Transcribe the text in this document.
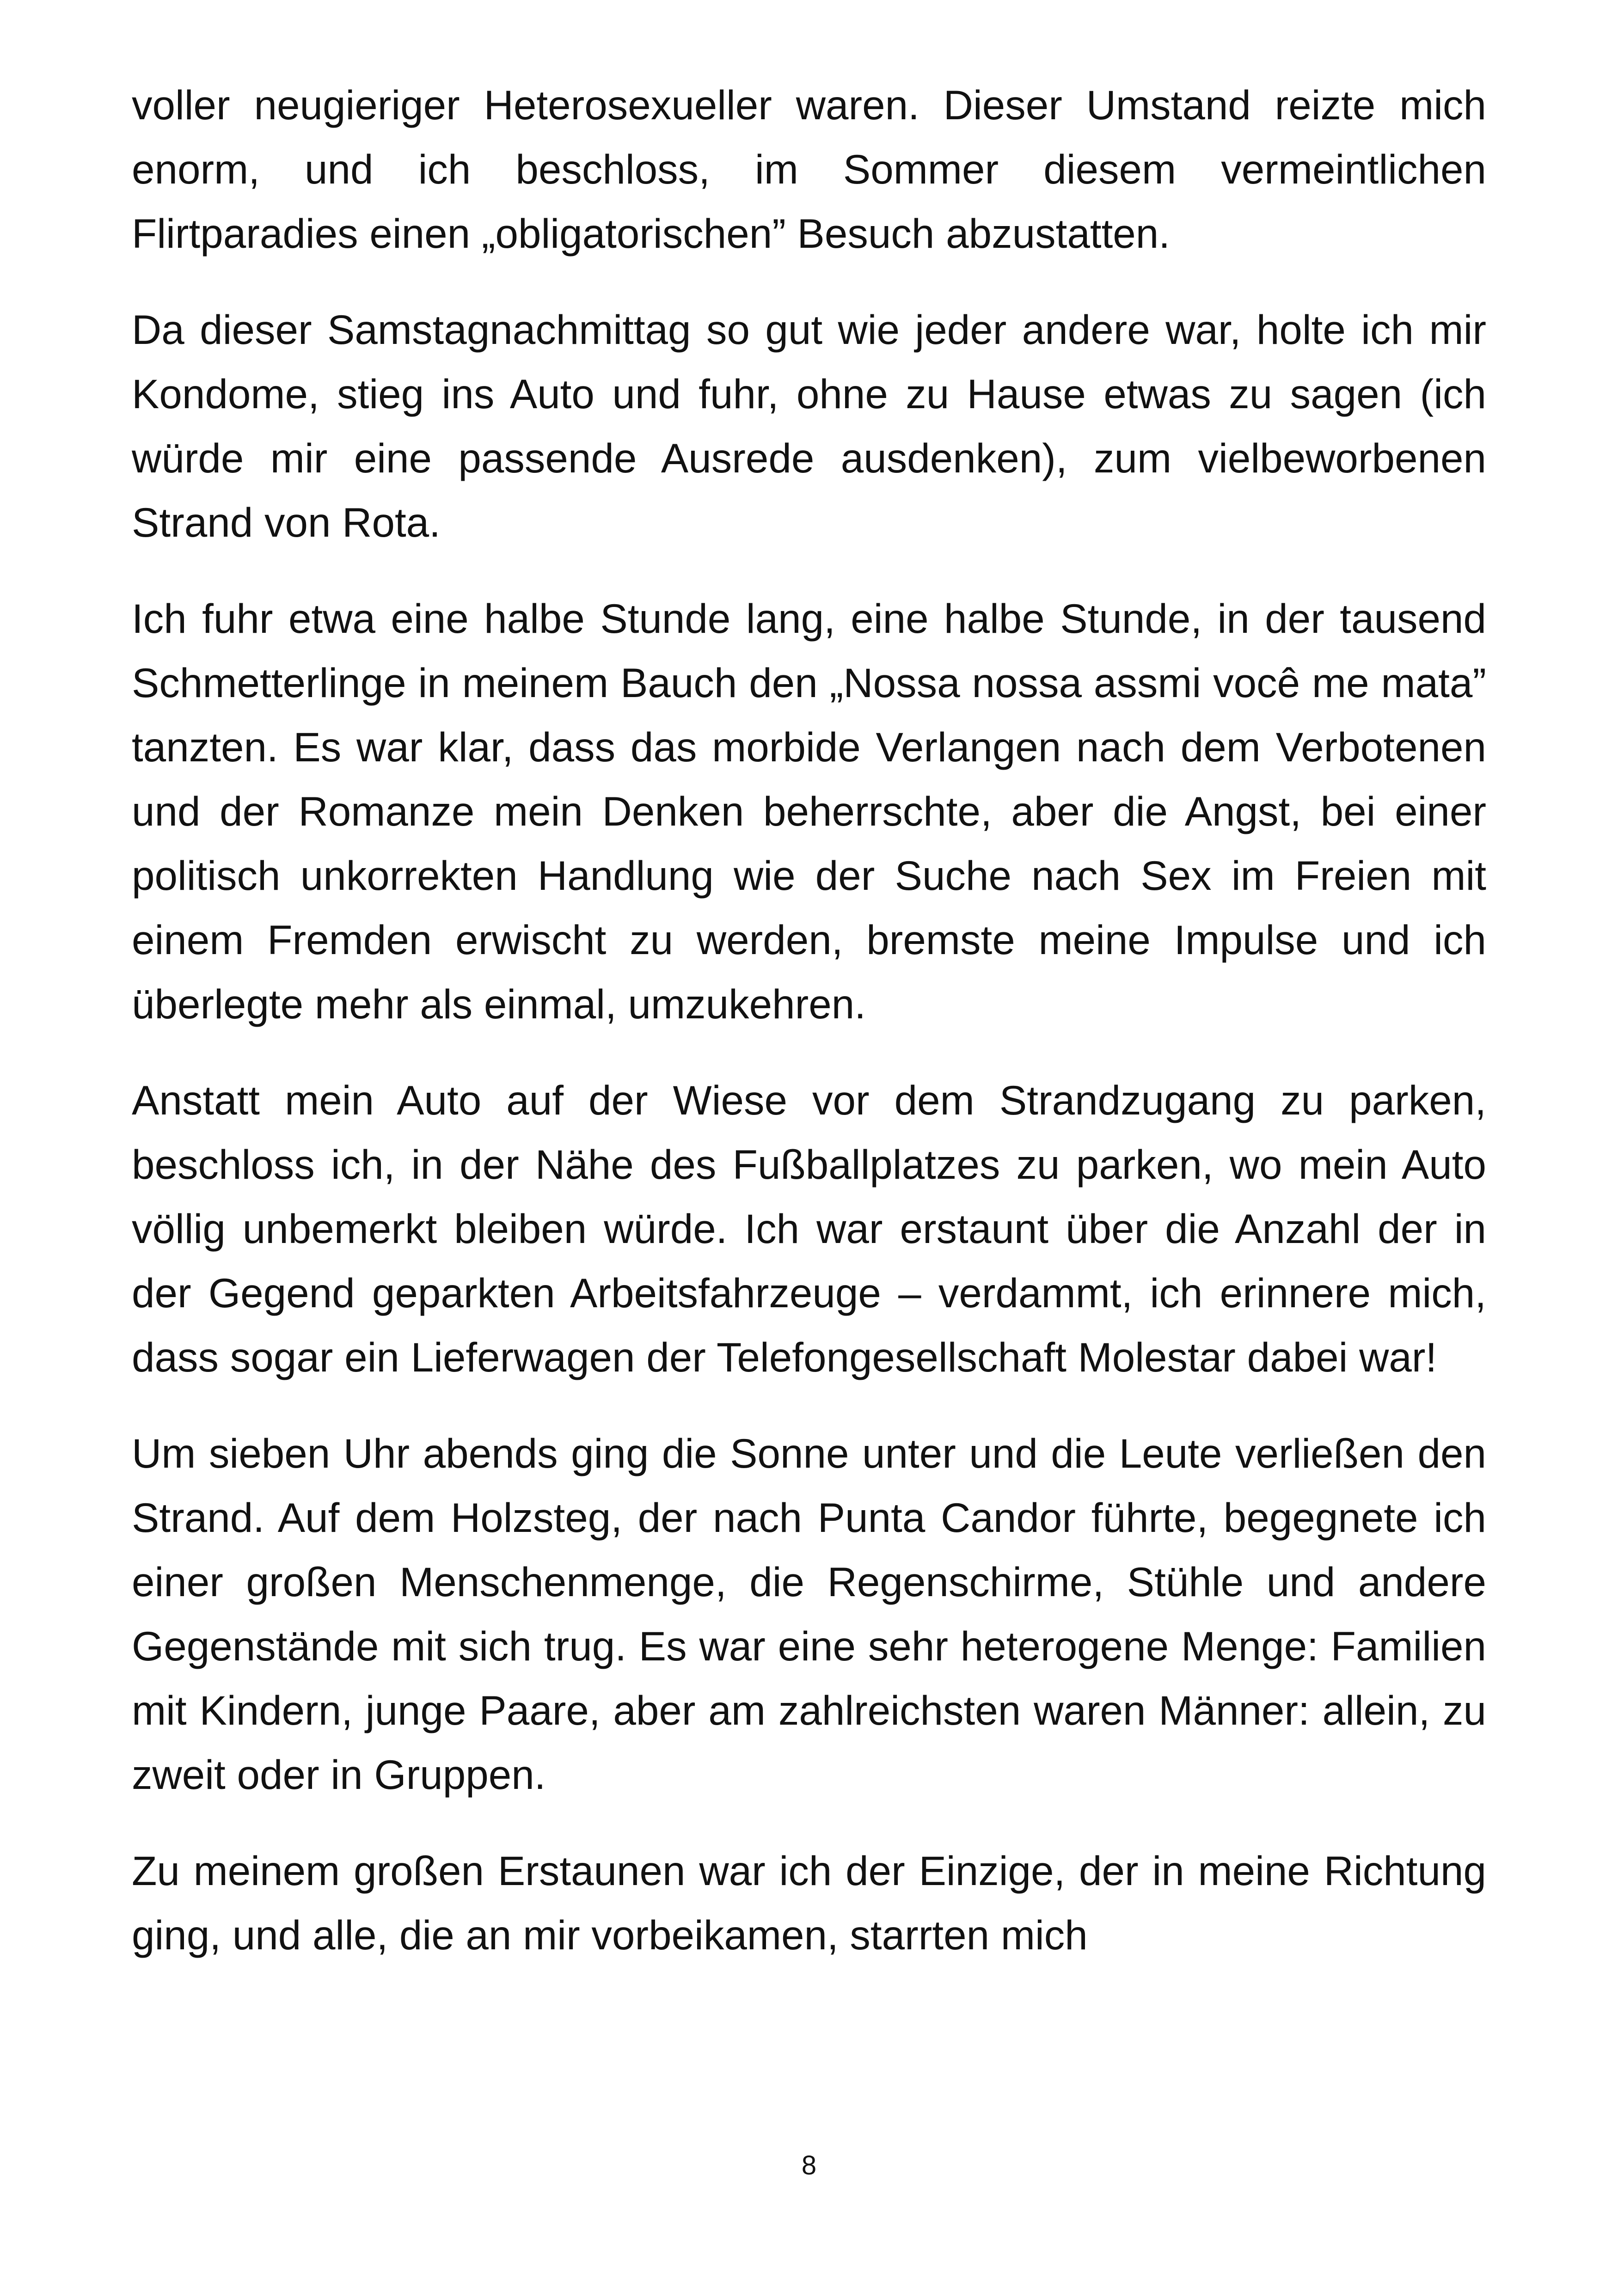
voller neugieriger Heterosexueller waren. Dieser Umstand reizte mich enorm, und ich beschloss, im Sommer diesem vermeintlichen Flirtparadies einen „obligatorischen” Besuch abzustatten.

Da dieser Samstagnachmittag so gut wie jeder andere war, holte ich mir Kondome, stieg ins Auto und fuhr, ohne zu Hause etwas zu sagen (ich würde mir eine passende Ausrede ausdenken), zum vielbeworbenen Strand von Rota.

Ich fuhr etwa eine halbe Stunde lang, eine halbe Stunde, in der tausend Schmetterlinge in meinem Bauch den „Nossa nossa assmi você me mata” tanzten. Es war klar, dass das morbide Verlangen nach dem Verbotenen und der Romanze mein Denken beherrschte, aber die Angst, bei einer politisch unkorrekten Handlung wie der Suche nach Sex im Freien mit einem Fremden erwischt zu werden, bremste meine Impulse und ich überlegte mehr als einmal, umzukehren.

Anstatt mein Auto auf der Wiese vor dem Strandzugang zu parken, beschloss ich, in der Nähe des Fußballplatzes zu parken, wo mein Auto völlig unbemerkt bleiben würde. Ich war erstaunt über die Anzahl der in der Gegend geparkten Arbeitsfahrzeuge – verdammt, ich erinnere mich, dass sogar ein Lieferwagen der Telefongesellschaft Molestar dabei war!

Um sieben Uhr abends ging die Sonne unter und die Leute verließen den Strand. Auf dem Holzsteg, der nach Punta Candor führte, begegnete ich einer großen Menschenmenge, die Regenschirme, Stühle und andere Gegenstände mit sich trug. Es war eine sehr heterogene Menge: Familien mit Kindern, junge Paare, aber am zahlreichsten waren Männer: allein, zu zweit oder in Gruppen.

Zu meinem großen Erstaunen war ich der Einzige, der in meine Richtung ging, und alle, die an mir vorbeikamen, starrten mich

8
